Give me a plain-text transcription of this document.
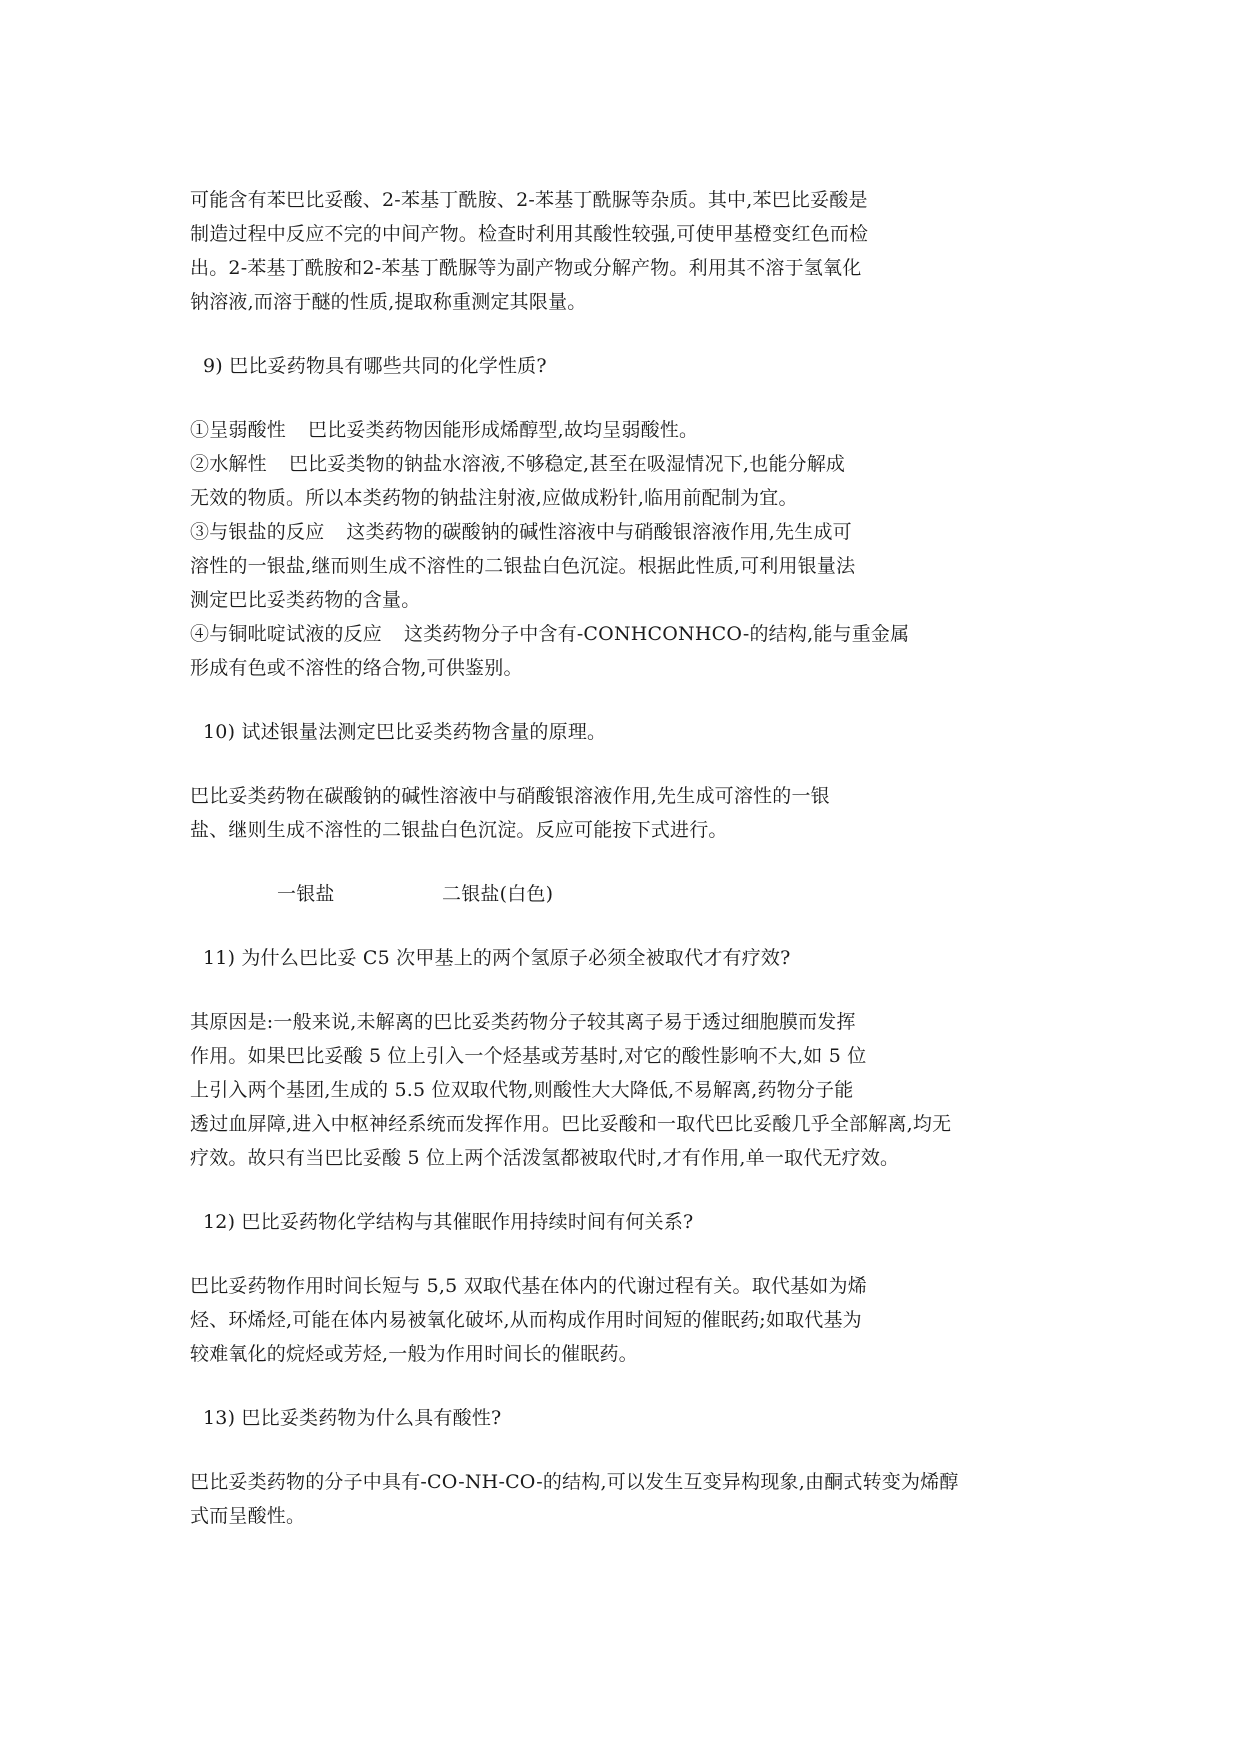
可能含有苯巴比妥酸、2-苯基丁酰胺、2-苯基丁酰脲等杂质。其中,苯巴比妥酸是
制造过程中反应不完的中间产物。检查时利用其酸性较强,可使甲基橙变红色而检
出。2-苯基丁酰胺和2-苯基丁酰脲等为副产物或分解产物。利用其不溶于氢氧化
钠溶液,而溶于醚的性质,提取称重测定其限量。
9) 巴比妥药物具有哪些共同的化学性质?
①呈弱酸性 巴比妥类药物因能形成烯醇型,故均呈弱酸性。
②水解性 巴比妥类物的钠盐水溶液,不够稳定,甚至在吸湿情况下,也能分解成
无效的物质。所以本类药物的钠盐注射液,应做成粉针,临用前配制为宜。
③与银盐的反应 这类药物的碳酸钠的碱性溶液中与硝酸银溶液作用,先生成可
溶性的一银盐,继而则生成不溶性的二银盐白色沉淀。根据此性质,可利用银量法
测定巴比妥类药物的含量。
④与铜吡啶试液的反应 这类药物分子中含有-CONHCONHCO-的结构,能与重金属
形成有色或不溶性的络合物,可供鉴别。
10) 试述银量法测定巴比妥类药物含量的原理。
巴比妥类药物在碳酸钠的碱性溶液中与硝酸银溶液作用,先生成可溶性的一银
盐、继则生成不溶性的二银盐白色沉淀。反应可能按下式进行。
一银盐	二银盐(白色)
11) 为什么巴比妥 C5 次甲基上的两个氢原子必须全被取代才有疗效?
其原因是:一般来说,未解离的巴比妥类药物分子较其离子易于透过细胞膜而发挥
作用。如果巴比妥酸 5 位上引入一个烃基或芳基时,对它的酸性影响不大,如 5 位
上引入两个基团,生成的 5.5 位双取代物,则酸性大大降低,不易解离,药物分子能
透过血屏障,进入中枢神经系统而发挥作用。巴比妥酸和一取代巴比妥酸几乎全部解离,均无
疗效。故只有当巴比妥酸 5 位上两个活泼氢都被取代时,才有作用,单一取代无疗效。
12) 巴比妥药物化学结构与其催眠作用持续时间有何关系?
巴比妥药物作用时间长短与 5,5 双取代基在体内的代谢过程有关。取代基如为烯
烃、环烯烃,可能在体内易被氧化破坏,从而构成作用时间短的催眠药;如取代基为
较难氧化的烷烃或芳烃,一般为作用时间长的催眠药。
13) 巴比妥类药物为什么具有酸性?
巴比妥类药物的分子中具有-CO-NH-CO-的结构,可以发生互变异构现象,由酮式转变为烯醇
式而呈酸性。
